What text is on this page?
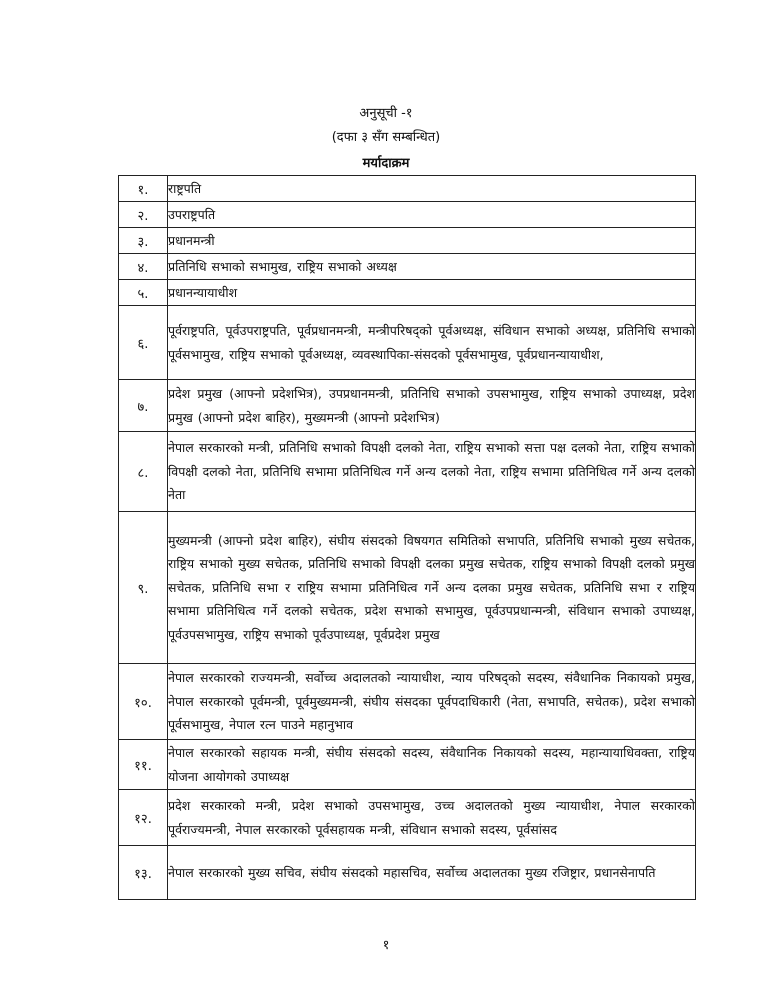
अनुसूची -१
(दफा ३ सँग सम्बन्धित)
मर्यादाक्रम
१.	राष्ट्रपति
२.	उपराष्ट्रपति
३.	प्रधानमन्त्री
४.	प्रतिनिधि सभाको सभामुख, राष्ट्रिय सभाको अध्यक्ष
५.	प्रधानन्यायाधीश
६.	पूर्वराष्ट्रपति, पूर्वउपराष्ट्रपति, पूर्वप्रधानमन्त्री, मन्त्रीपरिषद्को पूर्वअध्यक्ष, संविधान सभाको अध्यक्ष, प्रतिनिधि सभाको पूर्वसभामुख, राष्ट्रिय सभाको पूर्वअध्यक्ष, व्यवस्थापिका-संसदको पूर्वसभामुख, पूर्वप्रधानन्यायाधीश,
७.	प्रदेश प्रमुख (आफ्नो प्रदेशभित्र), उपप्रधानमन्त्री, प्रतिनिधि सभाको उपसभामुख, राष्ट्रिय सभाको उपाध्यक्ष, प्रदेश प्रमुख (आफ्नो प्रदेश बाहिर), मुख्यमन्त्री (आफ्नो प्रदेशभित्र)
८.	नेपाल सरकारको मन्त्री, प्रतिनिधि सभाको विपक्षी दलको नेता, राष्ट्रिय सभाको सत्ता पक्ष दलको नेता, राष्ट्रिय सभाको विपक्षी दलको नेता, प्रतिनिधि सभामा प्रतिनिधित्व गर्ने अन्य दलको नेता, राष्ट्रिय सभामा प्रतिनिधित्व गर्ने अन्य दलको नेता
९.	मुख्यमन्त्री (आफ्नो प्रदेश बाहिर), संघीय संसदको विषयगत समितिको सभापति, प्रतिनिधि सभाको मुख्य सचेतक, राष्ट्रिय सभाको मुख्य सचेतक, प्रतिनिधि सभाको विपक्षी दलका प्रमुख सचेतक, राष्ट्रिय सभाको विपक्षी दलको प्रमुख सचेतक, प्रतिनिधि सभा र राष्ट्रिय सभामा प्रतिनिधित्व गर्ने अन्य दलका प्रमुख सचेतक, प्रतिनिधि सभा र राष्ट्रिय सभामा प्रतिनिधित्व गर्ने दलको सचेतक, प्रदेश सभाको सभामुख, पूर्वउपप्रधान्मन्त्री, संविधान सभाको उपाध्यक्ष, पूर्वउपसभामुख, राष्ट्रिय सभाको पूर्वउपाध्यक्ष, पूर्वप्रदेश प्रमुख
१०.	नेपाल सरकारको राज्यमन्त्री, सर्वोच्च अदालतको न्यायाधीश, न्याय परिषद्को सदस्य, संवैधानिक निकायको प्रमुख, नेपाल सरकारको पूर्वमन्त्री, पूर्वमुख्यमन्त्री, संघीय संसदका पूर्वपदाधिकारी (नेता, सभापति, सचेतक), प्रदेश सभाको पूर्वसभामुख, नेपाल रत्न पाउने महानुभाव
११.	नेपाल सरकारको सहायक मन्त्री, संघीय संसदको सदस्य, संवैधानिक निकायको सदस्य, महान्यायाधिवक्ता, राष्ट्रिय योजना आयोगको उपाध्यक्ष
१२.	प्रदेश सरकारको मन्त्री, प्रदेश सभाको उपसभामुख, उच्च अदालतको मुख्य न्यायाधीश, नेपाल सरकारको पूर्वराज्यमन्त्री, नेपाल सरकारको पूर्वसहायक मन्त्री, संविधान सभाको सदस्य, पूर्वसांसद
१३.	नेपाल सरकारको मुख्य सचिव, संघीय संसदको महासचिव, सर्वोच्च अदालतका मुख्य रजिष्ट्रार, प्रधानसेनापति
१
